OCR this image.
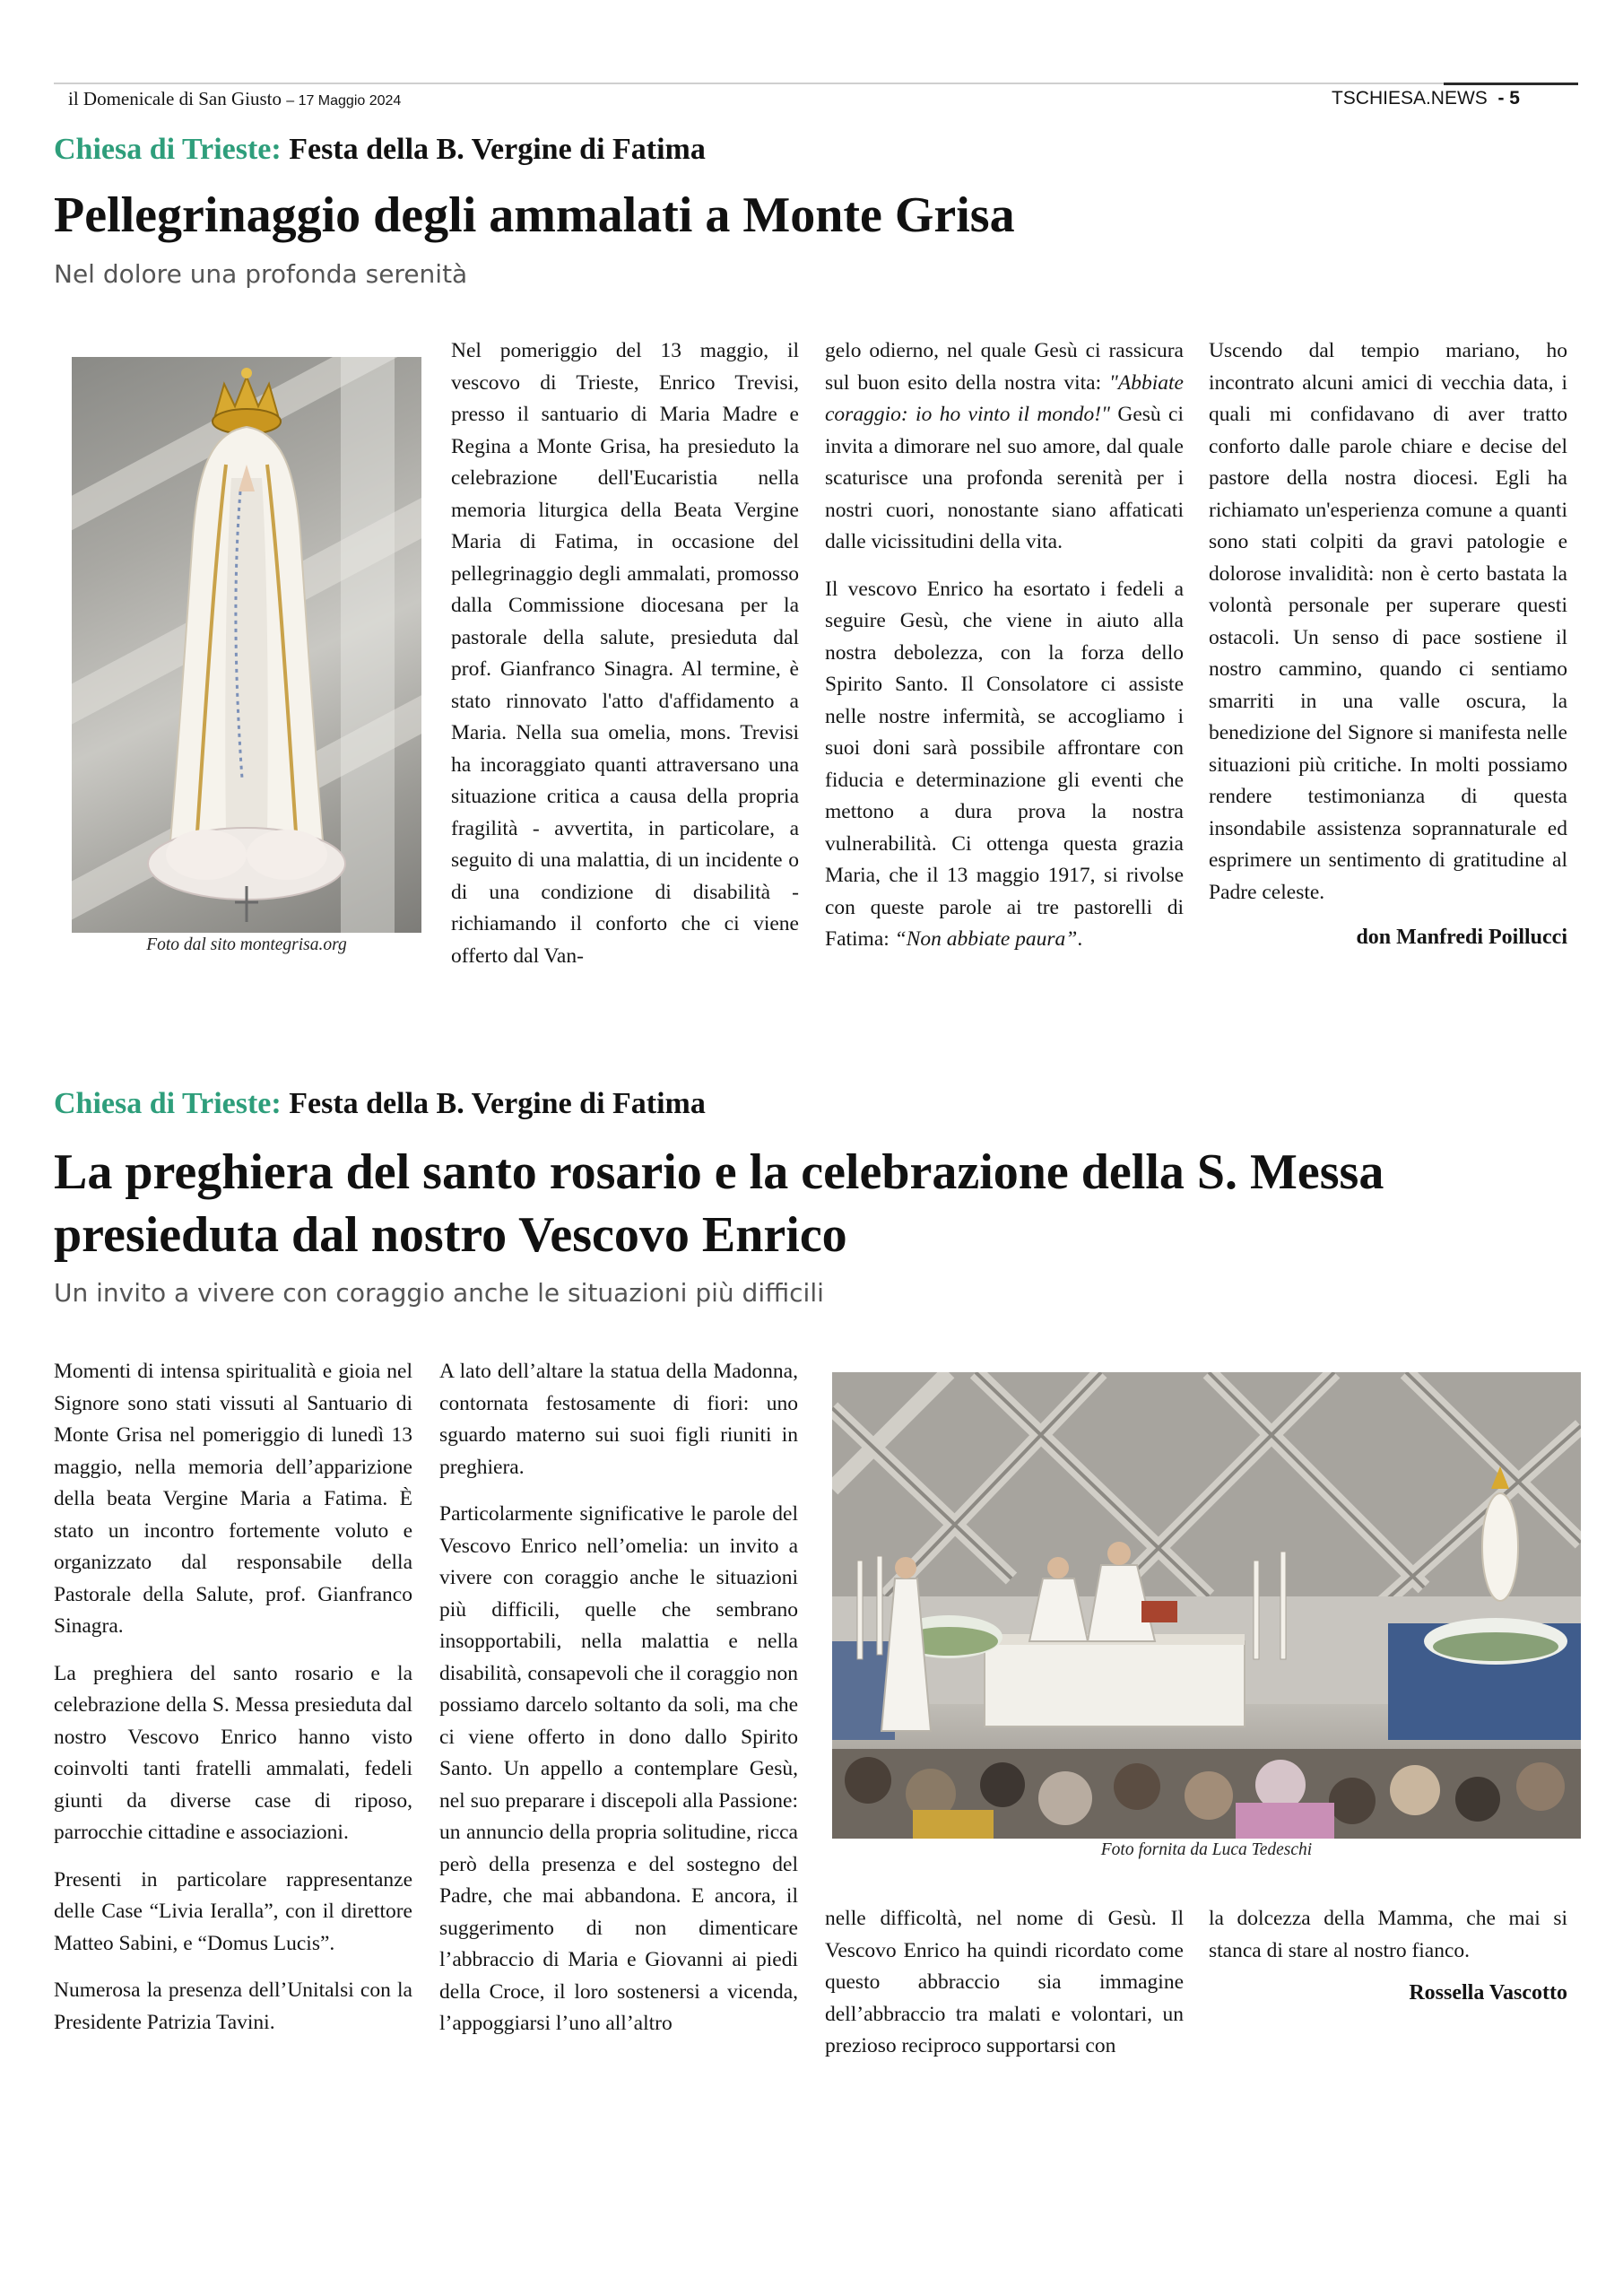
il Domenicale di San Giusto – 17 Maggio 2024	TSCHIESA.NEWS - 5
Chiesa di Trieste: Festa della B. Vergine di Fatima
Pellegrinaggio degli ammalati a Monte Grisa
Nel dolore una profonda serenità
Foto dal sito montegrisa.org

Nel pomeriggio del 13 maggio, il vescovo di Trieste, Enrico Trevisi, presso il santuario di Maria Madre e Regina a Monte Grisa, ha presieduto la celebrazione dell'Eucaristia nella memoria liturgica della Beata Vergine Maria di Fatima, in occasione del pellegrinaggio degli ammalati, promosso dalla Commissione diocesana per la pastorale della salute, presieduta dal prof. Gianfranco Sinagra. Al termine, è stato rinnovato l'atto d'affidamento a Maria. Nella sua omelia, mons. Trevisi ha incoraggiato quanti attraversano una situazione critica a causa della propria fragilità - avvertita, in particolare, a seguito di una malattia, di un incidente o di una condizione di disabilità - richiamando il conforto che ci viene offerto dal Van-

gelo odierno, nel quale Gesù ci rassicura sul buon esito della nostra vita: "Abbiate coraggio: io ho vinto il mondo!" Gesù ci invita a dimorare nel suo amore, dal quale scaturisce una profonda serenità per i nostri cuori, nonostante siano affaticati dalle vicissitudini della vita.

Il vescovo Enrico ha esortato i fedeli a seguire Gesù, che viene in aiuto alla nostra debolezza, con la forza dello Spirito Santo. Il Consolatore ci assiste nelle nostre infermità, se accogliamo i suoi doni sarà possibile affrontare con fiducia e determinazione gli eventi che mettono a dura prova la nostra vulnerabilità. Ci ottenga questa grazia Maria, che il 13 maggio 1917, si rivolse con queste parole ai tre pastorelli di Fatima: “Non abbiate paura”.

Uscendo dal tempio mariano, ho incontrato alcuni amici di vecchia data, i quali mi confidavano di aver tratto conforto dalle parole chiare e decise del pastore della nostra diocesi. Egli ha richiamato un'esperienza comune a quanti sono stati colpiti da gravi patologie e dolorose invalidità: non è certo bastata la volontà personale per superare questi ostacoli. Un senso di pace sostiene il nostro cammino, quando ci sentiamo smarriti in una valle oscura, la benedizione del Signore si manifesta nelle situazioni più critiche. In molti possiamo rendere testimonianza di questa insondabile assistenza soprannaturale ed esprimere un sentimento di gratitudine al Padre celeste.

don Manfredi Poillucci
Chiesa di Trieste: Festa della B. Vergine di Fatima
La preghiera del santo rosario e la celebrazione della S. Messa
presieduta dal nostro Vescovo Enrico
Un invito a vivere con coraggio anche le situazioni più difficili

Momenti di intensa spiritualità e gioia nel Signore sono stati vissuti al Santuario di Monte Grisa nel pomeriggio di lunedì 13 maggio, nella memoria dell’apparizione della beata Vergine Maria a Fatima. È stato un incontro fortemente voluto e organizzato dal responsabile della Pastorale della Salute, prof. Gianfranco Sinagra.

La preghiera del santo rosario e la celebrazione della S. Messa presieduta dal nostro Vescovo Enrico hanno visto coinvolti tanti fratelli ammalati, fedeli giunti da diverse case di riposo, parrocchie cittadine e associazioni.

Presenti in particolare rappresentanze delle Case “Livia Ieralla”, con il direttore Matteo Sabini, e “Domus Lucis”.

Numerosa la presenza dell’Unitalsi con la Presidente Patrizia Tavini.

A lato dell’altare la statua della Madonna, contornata festosamente di fiori: uno sguardo materno sui suoi figli riuniti in preghiera.

Particolarmente significative le parole del Vescovo Enrico nell’omelia: un invito a vivere con coraggio anche le situazioni più difficili, quelle che sembrano insopportabili, nella malattia e nella disabilità, consapevoli che il coraggio non possiamo darcelo soltanto da soli, ma che ci viene offerto in dono dallo Spirito Santo. Un appello a contemplare Gesù, nel suo preparare i discepoli alla Passione: un annuncio della propria solitudine, ricca però della presenza e del sostegno del Padre, che mai abbandona. E ancora, il suggerimento di non dimenticare l’abbraccio di Maria e Giovanni ai piedi della Croce, il loro sostenersi a vicenda, l’appoggiarsi l’uno all’altro

Foto fornita da Luca Tedeschi

nelle difficoltà, nel nome di Gesù. Il Vescovo Enrico ha quindi ricordato come questo abbraccio sia immagine dell’abbraccio tra malati e volontari, un prezioso reciproco supportarsi con

la dolcezza della Mamma, che mai si stanca di stare al nostro fianco.

Rossella Vascotto
